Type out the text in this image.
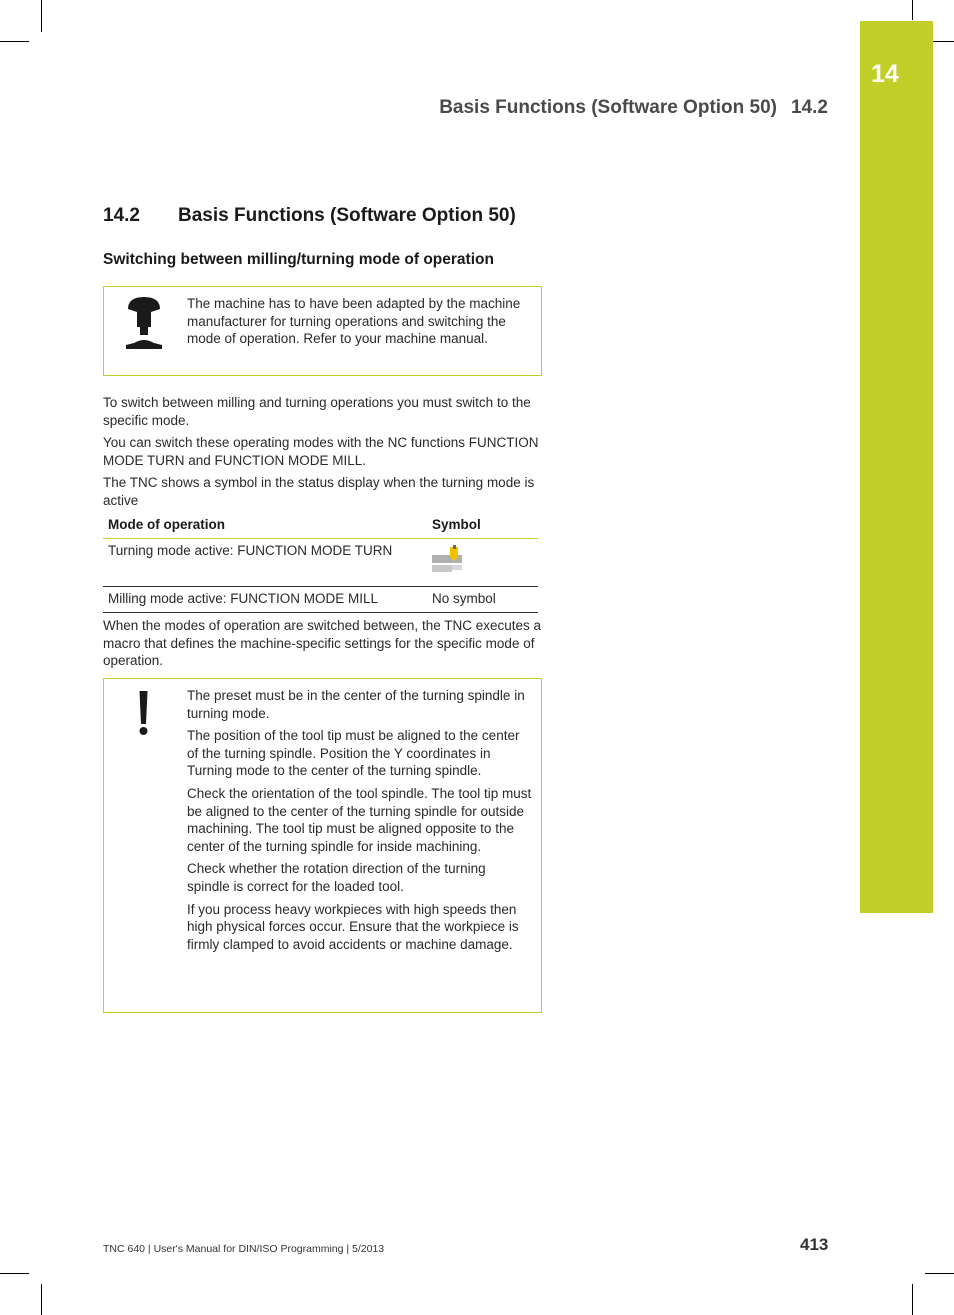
14
Basis Functions (Software Option 50) 14.2
14.2 Basis Functions (Software Option 50)
Switching between milling/turning mode of operation

The machine has to have been adapted by the machine manufacturer for turning operations and switching the mode of operation. Refer to your machine manual.

To switch between milling and turning operations you must switch to the specific mode.

You can switch these operating modes with the NC functions FUNCTION MODE TURN and FUNCTION MODE MILL.

The TNC shows a symbol in the status display when the turning mode is active

Mode of operation	Symbol
Turning mode active: FUNCTION MODE TURN
Milling mode active: FUNCTION MODE MILL	No symbol

When the modes of operation are switched between, the TNC executes a macro that defines the machine-specific settings for the specific mode of operation.

The preset must be in the center of the turning spindle in turning mode.

The position of the tool tip must be aligned to the center of the turning spindle. Position the Y coordinates in Turning mode to the center of the turning spindle.

Check the orientation of the tool spindle. The tool tip must be aligned to the center of the turning spindle for outside machining. The tool tip must be aligned opposite to the center of the turning spindle for inside machining.

Check whether the rotation direction of the turning spindle is correct for the loaded tool.

If you process heavy workpieces with high speeds then high physical forces occur. Ensure that the workpiece is firmly clamped to avoid accidents or machine damage.

TNC 640 | User's Manual for DIN/ISO Programming | 5/2013	413
